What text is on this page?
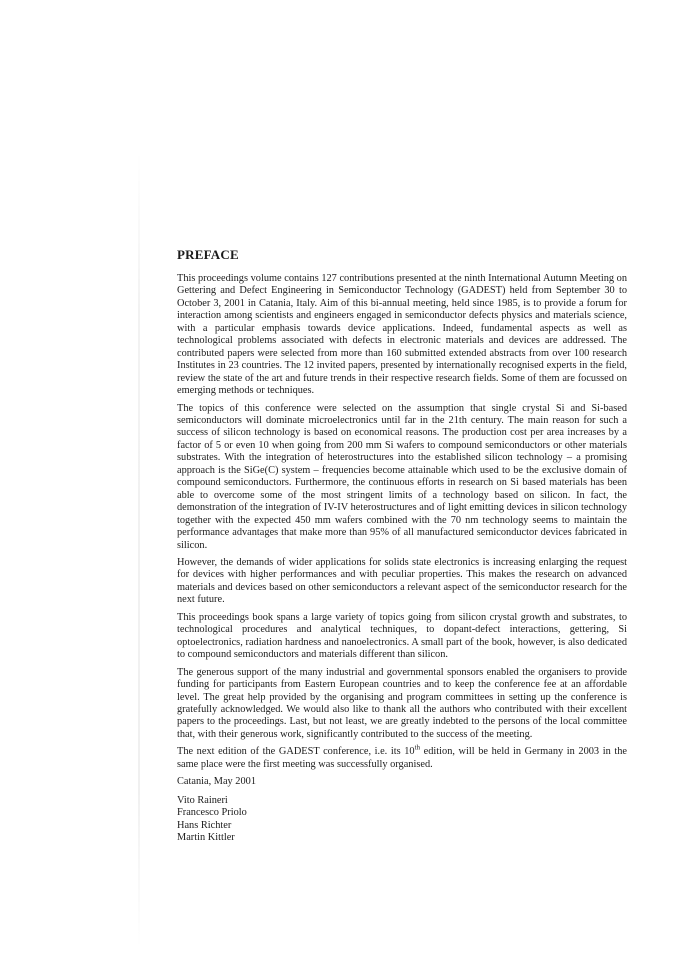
PREFACE

This proceedings volume contains 127 contributions presented at the ninth International Autumn Meeting on Gettering and Defect Engineering in Semiconductor Technology (GADEST) held from September 30 to October 3, 2001 in Catania, Italy. Aim of this bi-annual meeting, held since 1985, is to provide a forum for interaction among scientists and engineers engaged in semiconductor defects physics and materials science, with a particular emphasis towards device applications. Indeed, fundamental aspects as well as technological problems associated with defects in electronic materials and devices are addressed. The contributed papers were selected from more than 160 submitted extended abstracts from over 100 research Institutes in 23 countries. The 12 invited papers, presented by internationally recognised experts in the field, review the state of the art and future trends in their respective research fields. Some of them are focussed on emerging methods or techniques.

The topics of this conference were selected on the assumption that single crystal Si and Si-based semiconductors will dominate microelectronics until far in the 21th century. The main reason for such a success of silicon technology is based on economical reasons. The production cost per area increases by a factor of 5 or even 10 when going from 200 mm Si wafers to compound semiconductors or other materials substrates. With the integration of heterostructures into the established silicon technology – a promising approach is the SiGe(C) system – frequencies become attainable which used to be the exclusive domain of compound semiconductors. Furthermore, the continuous efforts in research on Si based materials has been able to overcome some of the most stringent limits of a technology based on silicon. In fact, the demonstration of the integration of IV-IV heterostructures and of light emitting devices in silicon technology together with the expected 450 mm wafers combined with the 70 nm technology seems to maintain the performance advantages that make more than 95% of all manufactured semiconductor devices fabricated in silicon.

However, the demands of wider applications for solids state electronics is increasing enlarging the request for devices with higher performances and with peculiar properties. This makes the research on advanced materials and devices based on other semiconductors a relevant aspect of the semiconductor research for the next future.

This proceedings book spans a large variety of topics going from silicon crystal growth and substrates, to technological procedures and analytical techniques, to dopant-defect interactions, gettering, Si optoelectronics, radiation hardness and nanoelectronics. A small part of the book, however, is also dedicated to compound semiconductors and materials different than silicon.

The generous support of the many industrial and governmental sponsors enabled the organisers to provide funding for participants from Eastern European countries and to keep the conference fee at an affordable level. The great help provided by the organising and program committees in setting up the conference is gratefully acknowledged. We would also like to thank all the authors who contributed with their excellent papers to the proceedings. Last, but not least, we are greatly indebted to the persons of the local committee that, with their generous work, significantly contributed to the success of the meeting.

The next edition of the GADEST conference, i.e. its 10th edition, will be held in Germany in 2003 in the same place were the first meeting was successfully organised.

Catania, May 2001

Vito Raineri
Francesco Priolo
Hans Richter
Martin Kittler
